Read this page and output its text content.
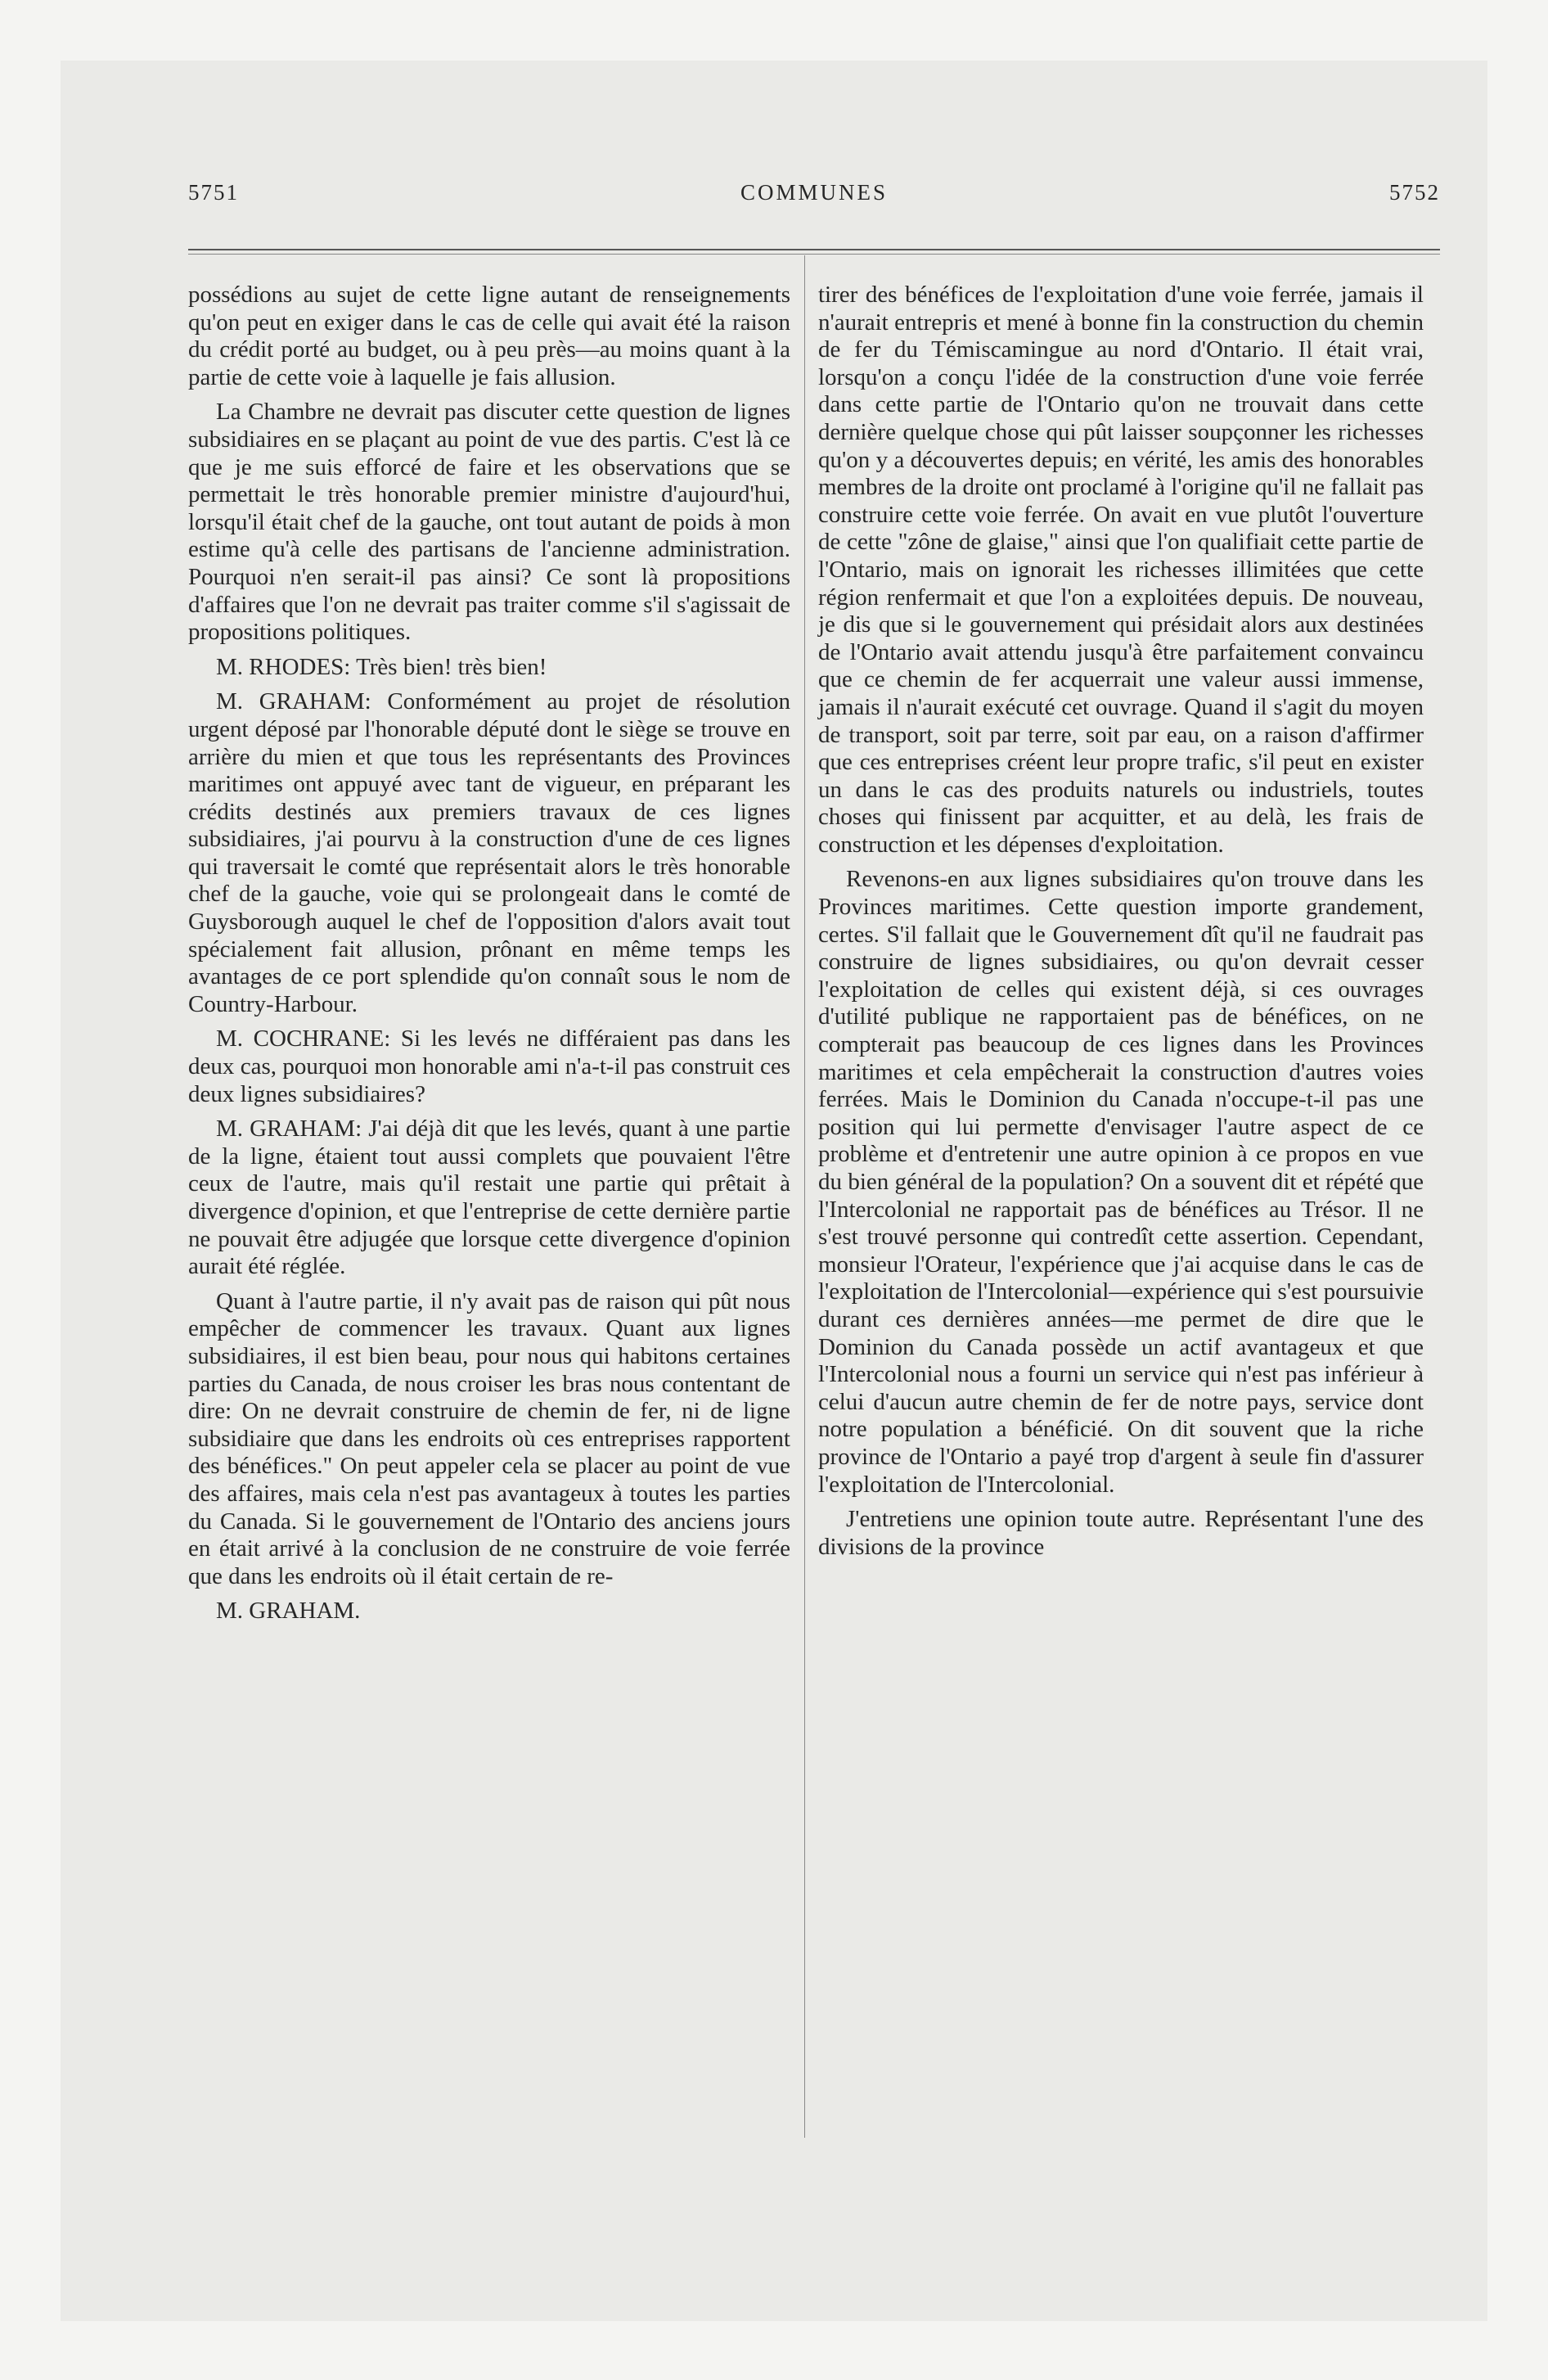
5751	COMMUNES	5752

possédions au sujet de cette ligne autant de renseignements qu'on peut en exiger dans le cas de celle qui avait été la raison du crédit porté au budget, ou à peu près—au moins quant à la partie de cette voie à laquelle je fais allusion.

La Chambre ne devrait pas discuter cette question de lignes subsidiaires en se plaçant au point de vue des partis. C'est là ce que je me suis efforcé de faire et les observations que se permettait le très honorable premier ministre d'aujourd'hui, lorsqu'il était chef de la gauche, ont tout autant de poids à mon estime qu'à celle des partisans de l'ancienne administration. Pourquoi n'en serait-il pas ainsi? Ce sont là propositions d'affaires que l'on ne devrait pas traiter comme s'il s'agissait de propositions politiques.

M. RHODES: Très bien! très bien!

M. GRAHAM: Conformément au projet de résolution urgent déposé par l'honorable député dont le siège se trouve en arrière du mien et que tous les représentants des Provinces maritimes ont appuyé avec tant de vigueur, en préparant les crédits destinés aux premiers travaux de ces lignes subsidiaires, j'ai pourvu à la construction d'une de ces lignes qui traversait le comté que représentait alors le très honorable chef de la gauche, voie qui se prolongeait dans le comté de Guysborough auquel le chef de l'opposition d'alors avait tout spécialement fait allusion, prônant en même temps les avantages de ce port splendide qu'on connaît sous le nom de Country-Harbour.

M. COCHRANE: Si les levés ne différaient pas dans les deux cas, pourquoi mon honorable ami n'a-t-il pas construit ces deux lignes subsidiaires?

M. GRAHAM: J'ai déjà dit que les levés, quant à une partie de la ligne, étaient tout aussi complets que pouvaient l'être ceux de l'autre, mais qu'il restait une partie qui prêtait à divergence d'opinion, et que l'entreprise de cette dernière partie ne pouvait être adjugée que lorsque cette divergence d'opinion aurait été réglée.

Quant à l'autre partie, il n'y avait pas de raison qui pût nous empêcher de commencer les travaux. Quant aux lignes subsidiaires, il est bien beau, pour nous qui habitons certaines parties du Canada, de nous croiser les bras nous contentant de dire: On ne devrait construire de chemin de fer, ni de ligne subsidiaire que dans les endroits où ces entreprises rapportent des bénéfices." On peut appeler cela se placer au point de vue des affaires, mais cela n'est pas avantageux à toutes les parties du Canada. Si le gouvernement de l'Ontario des anciens jours en était arrivé à la conclusion de ne construire de voie ferrée que dans les endroits où il était certain de re-

M. GRAHAM.

tirer des bénéfices de l'exploitation d'une voie ferrée, jamais il n'aurait entrepris et mené à bonne fin la construction du chemin de fer du Témiscamingue au nord d'Ontario. Il était vrai, lorsqu'on a conçu l'idée de la construction d'une voie ferrée dans cette partie de l'Ontario qu'on ne trouvait dans cette dernière quelque chose qui pût laisser soupçonner les richesses qu'on y a découvertes depuis; en vérité, les amis des honorables membres de la droite ont proclamé à l'origine qu'il ne fallait pas construire cette voie ferrée. On avait en vue plutôt l'ouverture de cette "zône de glaise," ainsi que l'on qualifiait cette partie de l'Ontario, mais on ignorait les richesses illimitées que cette région renfermait et que l'on a exploitées depuis. De nouveau, je dis que si le gouvernement qui présidait alors aux destinées de l'Ontario avait attendu jusqu'à être parfaitement convaincu que ce chemin de fer acquerrait une valeur aussi immense, jamais il n'aurait exécuté cet ouvrage. Quand il s'agit du moyen de transport, soit par terre, soit par eau, on a raison d'affirmer que ces entreprises créent leur propre trafic, s'il peut en exister un dans le cas des produits naturels ou industriels, toutes choses qui finissent par acquitter, et au delà, les frais de construction et les dépenses d'exploitation.

Revenons-en aux lignes subsidiaires qu'on trouve dans les Provinces maritimes. Cette question importe grandement, certes. S'il fallait que le Gouvernement dît qu'il ne faudrait pas construire de lignes subsidiaires, ou qu'on devrait cesser l'exploitation de celles qui existent déjà, si ces ouvrages d'utilité publique ne rapportaient pas de bénéfices, on ne compterait pas beaucoup de ces lignes dans les Provinces maritimes et cela empêcherait la construction d'autres voies ferrées. Mais le Dominion du Canada n'occupe-t-il pas une position qui lui permette d'envisager l'autre aspect de ce problème et d'entretenir une autre opinion à ce propos en vue du bien général de la population? On a souvent dit et répété que l'Intercolonial ne rapportait pas de bénéfices au Trésor. Il ne s'est trouvé personne qui contredît cette assertion. Cependant, monsieur l'Orateur, l'expérience que j'ai acquise dans le cas de l'exploitation de l'Intercolonial—expérience qui s'est poursuivie durant ces dernières années—me permet de dire que le Dominion du Canada possède un actif avantageux et que l'Intercolonial nous a fourni un service qui n'est pas inférieur à celui d'aucun autre chemin de fer de notre pays, service dont notre population a bénéficié. On dit souvent que la riche province de l'Ontario a payé trop d'argent à seule fin d'assurer l'exploitation de l'Intercolonial.

J'entretiens une opinion toute autre. Représentant l'une des divisions de la province
